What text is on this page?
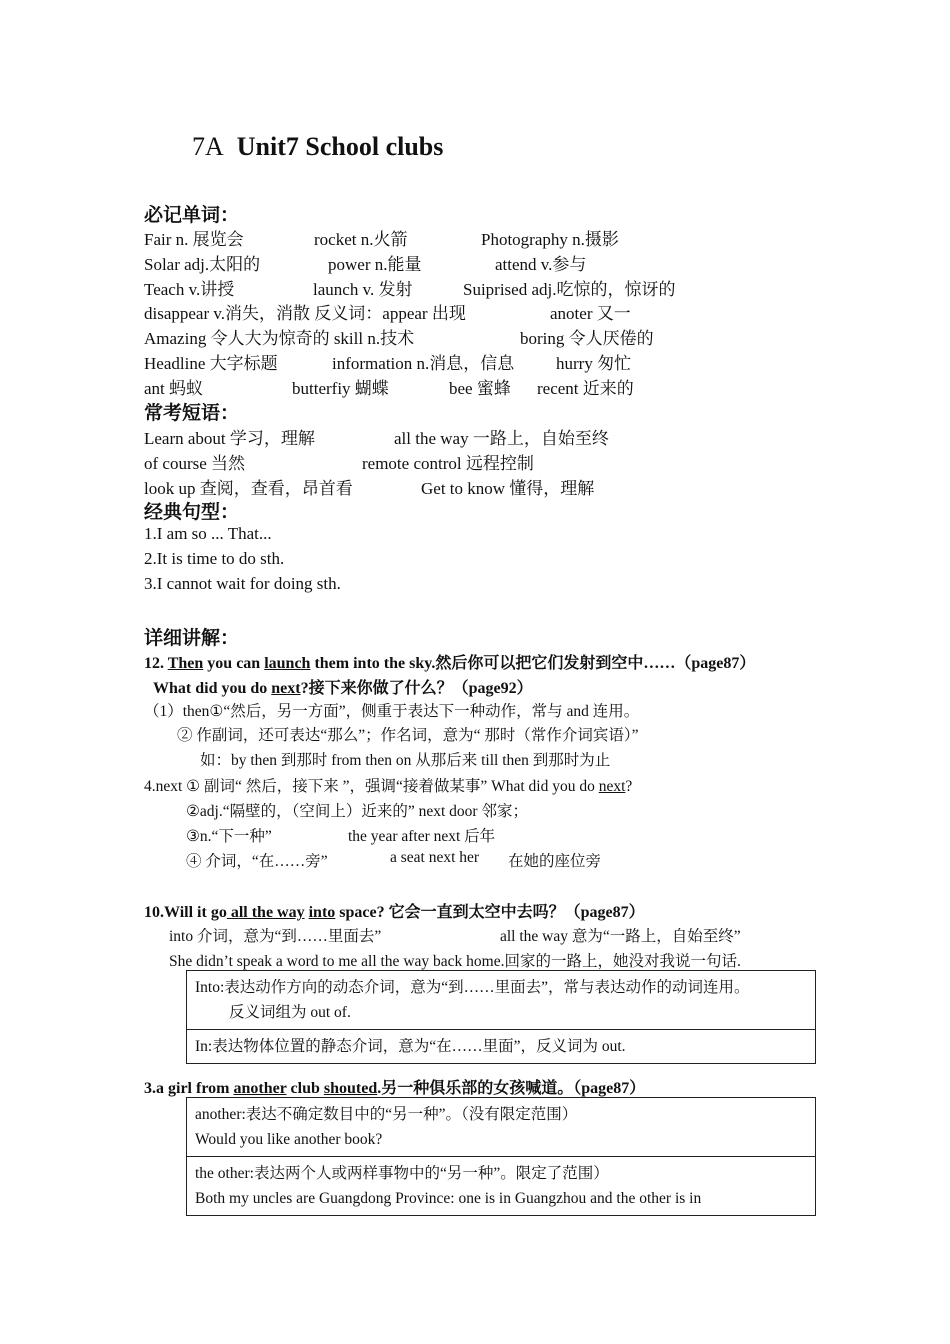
7A Unit7 School clubs
必记单词：
Fair n. 展览会	rocket n.火箭	Photography n.摄影
Solar adj.太阳的	power n.能量	attend v.参与
Teach v.讲授	launch v. 发射	Suiprised adj.吃惊的，惊讶的
disappear v.消失，消散 反义词：appear 出现	anoter 又一
Amazing 令人大为惊奇的 skill n.技术	boring 令人厌倦的
Headline 大字标题	information n.消息，信息 hurry 匆忙
ant 蚂蚁	butterfiy 蝴蝶	bee 蜜蜂 recent 近来的
常考短语：
Learn about 学习，理解	all the way 一路上，自始至终
of course 当然	remote control 远程控制
look up 查阅，查看，昂首看	Get to know 懂得，理解
经典句型：
1.I am so ... That...
2.It is time to do sth.
3.I cannot wait for doing sth.
详细讲解：
12. Then you can launch them into the sky.然后你可以把它们发射到空中……（page87）
What did you do next?接下来你做了什么？（page92）
（1）then①“然后，另一方面”，侧重于表达下一种动作，常与 and 连用。
② 作副词，还可表达“那么”；作名词，意为“ 那时（常作介词宾语）”
如：by then 到那时 from then on 从那后来 till then 到那时为止
4.next ① 副词“ 然后，接下来 ”，强调“接着做某事” What did you do next?
②adj.“隔壁的，（空间上）近来的” next door 邻家；
③n.“下一种”	the year after next 后年
④ 介词，“在……旁”	a seat next her 在她的座位旁
10.Will it go all the way into space? 它会一直到太空中去吗？（page87）
into 介词，意为“到……里面去”	all the way 意为“一路上，自始至终”
She didn’t speak a word to me all the way back home.回家的一路上，她没对我说一句话.
Into:表达动作方向的动态介词，意为“到……里面去”，常与表达动作的动词连用。
反义词组为 out of.

In:表达物体位置的静态介词，意为“在……里面”，反义词为 out.
3.a girl from another club shouted.另一种俱乐部的女孩喊道。（page87）
another:表达不确定数目中的“另一种”。（没有限定范围）
Would you like another book?

the other:表达两个人或两样事物中的“另一种”。限定了范围）
Both my uncles are Guangdong Province: one is in Guangzhou and the other is in
